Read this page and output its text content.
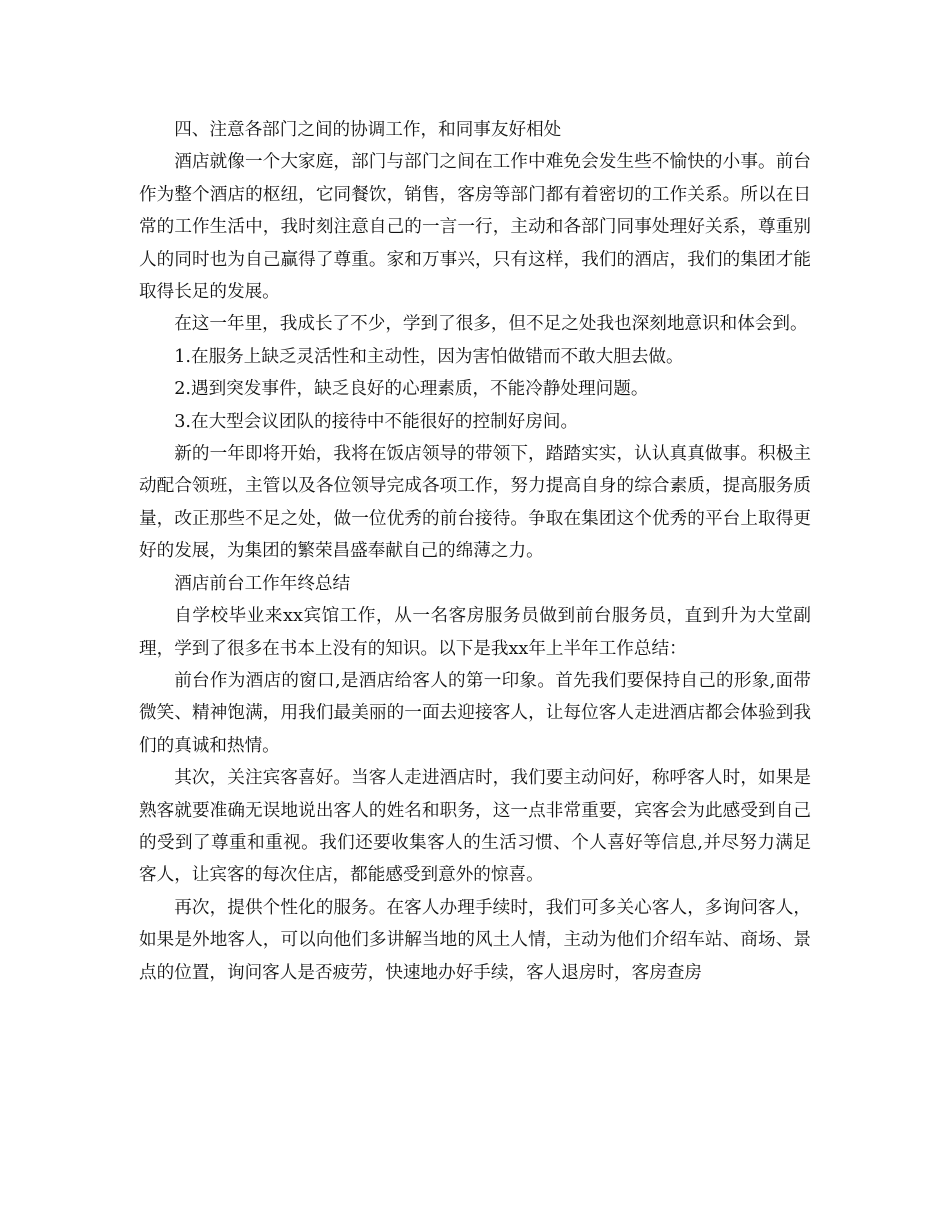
四、注意各部门之间的协调工作，和同事友好相处

酒店就像一个大家庭，部门与部门之间在工作中难免会发生些不愉快的小事。前台作为整个酒店的枢纽，它同餐饮，销售，客房等部门都有着密切的工作关系。所以在日常的工作生活中，我时刻注意自己的一言一行，主动和各部门同事处理好关系，尊重别人的同时也为自己赢得了尊重。家和万事兴，只有这样，我们的酒店，我们的集团才能取得长足的发展。

在这一年里，我成长了不少，学到了很多，但不足之处我也深刻地意识和体会到。

1.在服务上缺乏灵活性和主动性，因为害怕做错而不敢大胆去做。

2.遇到突发事件，缺乏良好的心理素质，不能冷静处理问题。

3.在大型会议团队的接待中不能很好的控制好房间。

新的一年即将开始，我将在饭店领导的带领下，踏踏实实，认认真真做事。积极主动配合领班，主管以及各位领导完成各项工作，努力提高自身的综合素质，提高服务质量，改正那些不足之处，做一位优秀的前台接待。争取在集团这个优秀的平台上取得更好的发展，为集团的繁荣昌盛奉献自己的绵薄之力。

酒店前台工作年终总结

自学校毕业来xx宾馆工作，从一名客房服务员做到前台服务员，直到升为大堂副理，学到了很多在书本上没有的知识。以下是我xx年上半年工作总结：

前台作为酒店的窗口,是酒店给客人的第一印象。首先我们要保持自己的形象,面带微笑、精神饱满，用我们最美丽的一面去迎接客人，让每位客人走进酒店都会体验到我们的真诚和热情。

其次，关注宾客喜好。当客人走进酒店时，我们要主动问好，称呼客人时，如果是熟客就要准确无误地说出客人的姓名和职务，这一点非常重要，宾客会为此感受到自己的受到了尊重和重视。我们还要收集客人的生活习惯、个人喜好等信息,并尽努力满足客人，让宾客的每次住店，都能感受到意外的惊喜。

再次，提供个性化的服务。在客人办理手续时，我们可多关心客人，多询问客人，如果是外地客人，可以向他们多讲解当地的风土人情，主动为他们介绍车站、商场、景点的位置，询问客人是否疲劳，快速地办好手续，客人退房时，客房查房
